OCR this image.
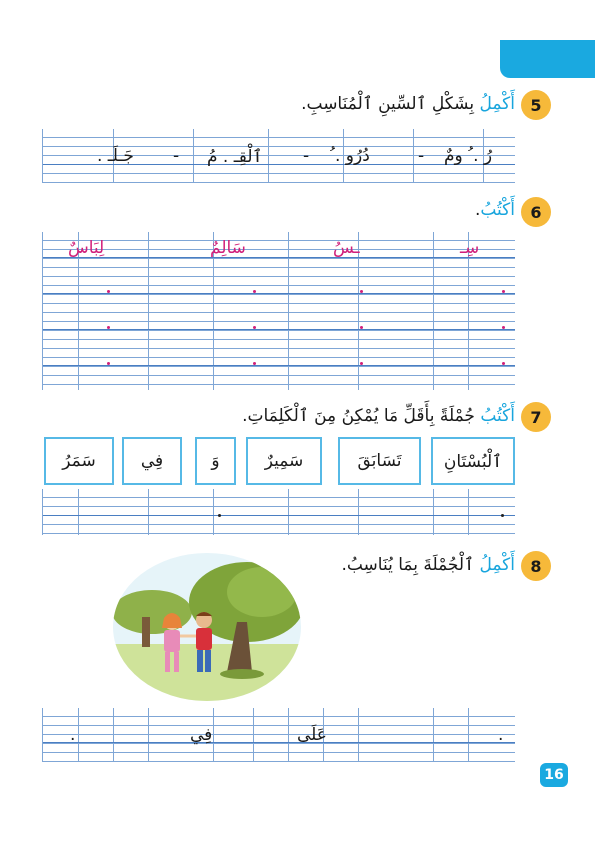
5
أَكْمِلُ بِشَكْلِ ٱلسِّينِ ٱلْمُنَاسِبِ.
جَـلَـ . - ٱلْقِـ . مُ - دُرُو . ُ	- رُ . ُ ومٌ
6
أَكْتُبُ.
سِـ
ـسُ
سَالِمٌ
لِبَاسٌ
7
أَكْتُبُ جُمْلَةً بِأَقَلِّ مَا يُمْكِنُ مِنَ ٱلْكَلِمَاتِ.
ٱلْبُسْتَانِ
تَسَابَقَ
سَمِيرٌ
وَ
فِي
سَمَرُ
8
أَكْمِلُ ٱلْجُمْلَةَ بِمَا يُنَاسِبُ.
.	فِي	عَلَى	.
16
